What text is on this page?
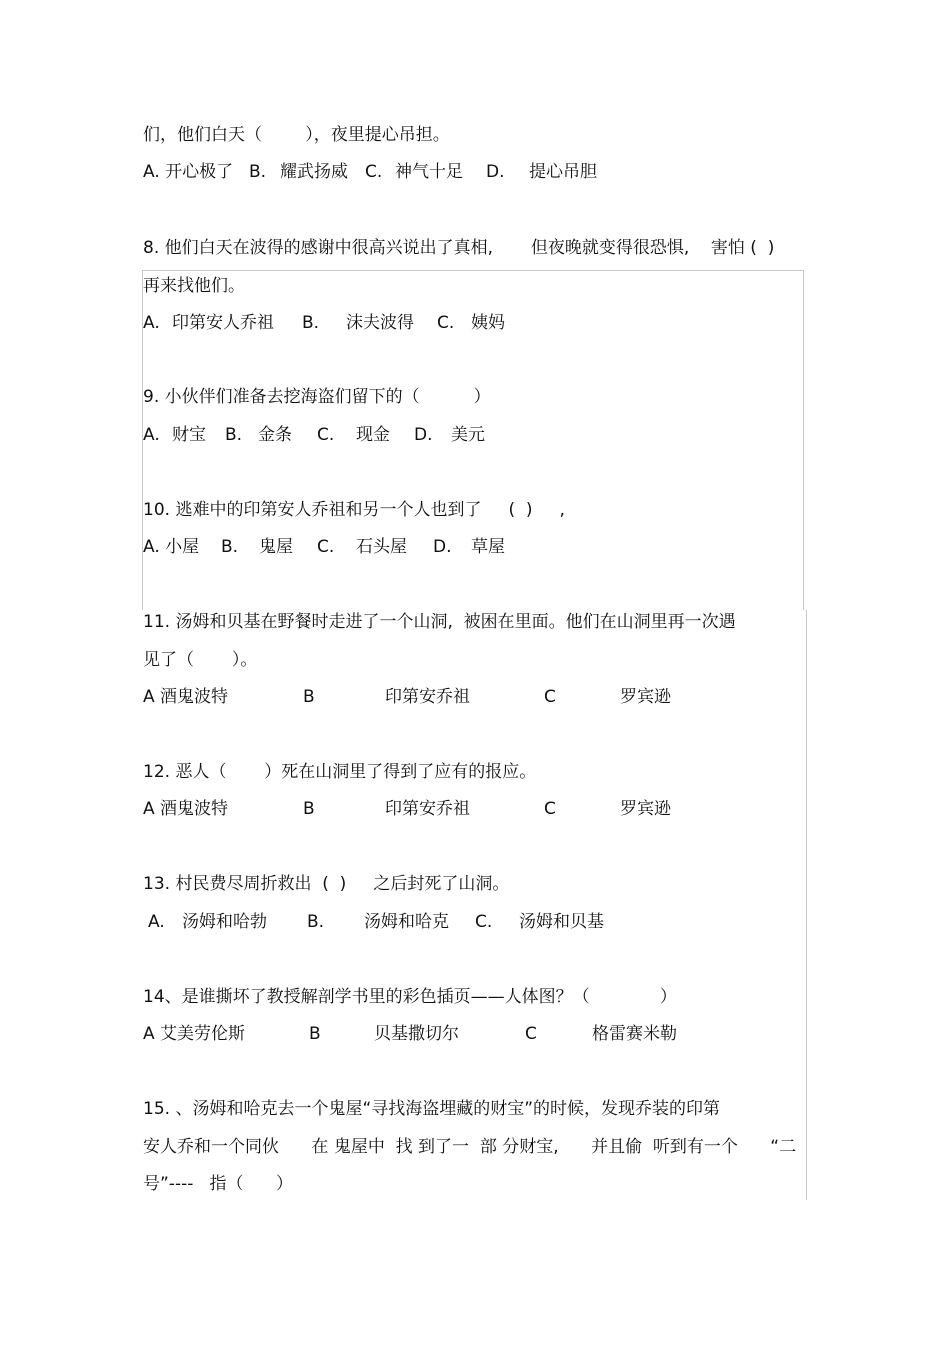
们，他们白天（        ），夜里提心吊担。
A. 开心极了 B. 耀武扬威 C. 神气十足 D. 提心吊胆
8. 他们白天在波得的感谢中很高兴说出了真相,       但夜晚就变得很恐惧,    害怕 (  )
再来找他们。
A. 印第安人乔祖 B. 沫夫波得 C. 姨妈
9. 小伙伴们准备去挖海盗们留下的（          ）
A. 财宝 B. 金条 C. 现金 D. 美元
10. 逃难中的印第安人乔祖和另一个人也到了     (  )     ,
A. 小屋 B. 鬼屋 C. 石头屋 D. 草屋
11. 汤姆和贝基在野餐时走进了一个山洞,  被困在里面。他们在山洞里再一次遇
见了（       ）。
A 酒鬼波特	B	印第安乔祖	C	罗宾逊
12. 恶人（       ）死在山洞里了得到了应有的报应。
A 酒鬼波特	B	印第安乔祖	C	罗宾逊
13. 村民费尽周折救出  (  )     之后封死了山洞。
A. 汤姆和哈勃 B. 汤姆和哈克 C. 汤姆和贝基
14、是谁撕坏了教授解剖学书里的彩色插页——人体图？（             ）
A 艾美劳伦斯	B	贝基撒切尔	C	格雷赛米勒
15. 、汤姆和哈克去一个鬼屋“寻找海盗埋藏的财宝”的时候，发现乔装的印第
安人乔和一个同伙      在 鬼屋中  找 到了一  部 分财宝,      并且偷  听到有一个      “二
号”----   指（      ）
